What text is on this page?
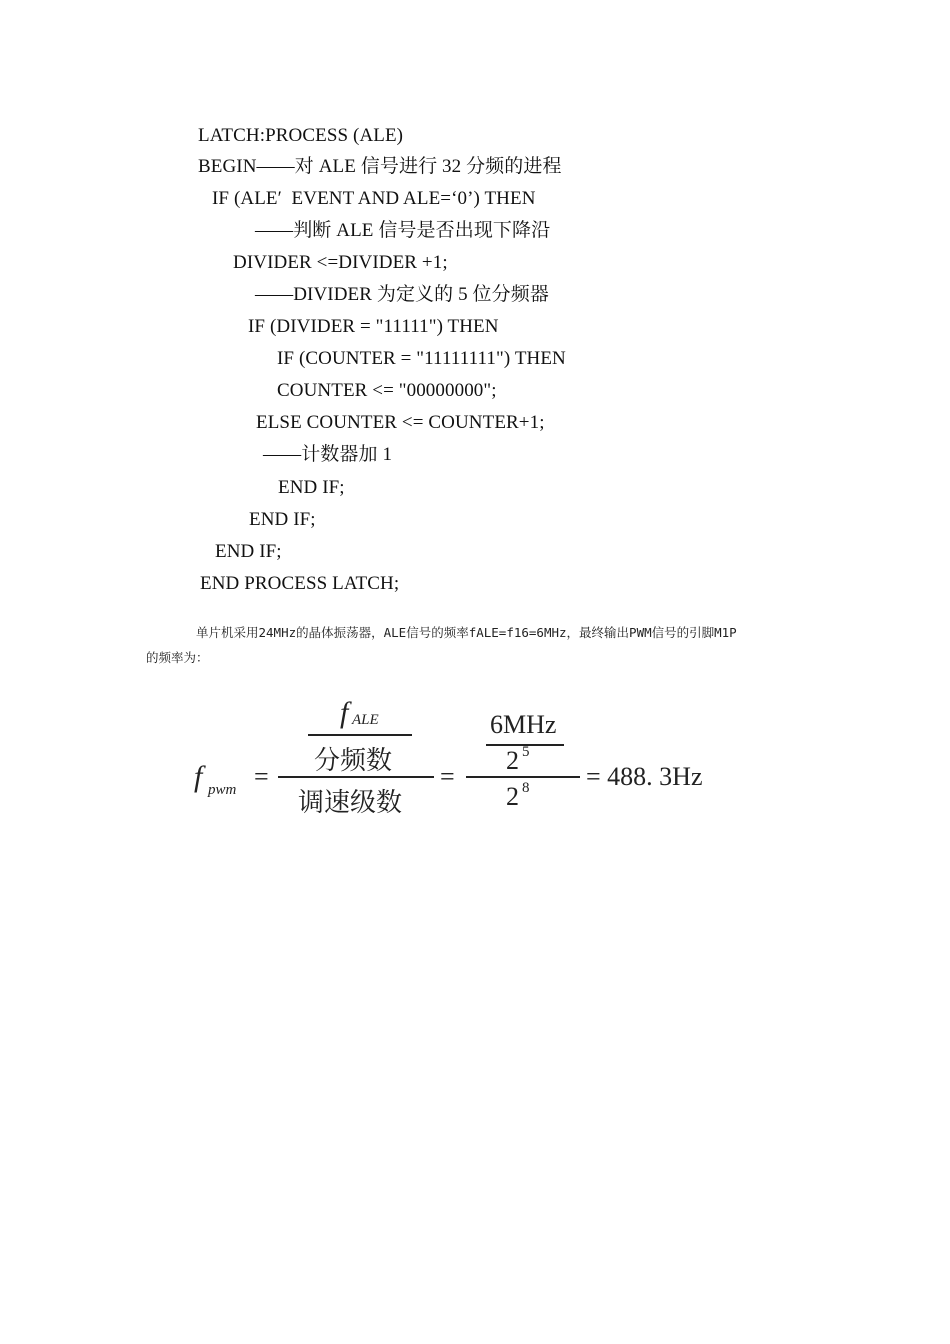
LATCH:PROCESS (ALE)
BEGIN——对 ALE 信号进行 32 分频的进程
IF (ALE′  EVENT AND ALE=‘0’) THEN
——判断 ALE 信号是否出现下降沿
DIVIDER <=DIVIDER +1;
——DIVIDER 为定义的 5 位分频器
IF (DIVIDER = "11111") THEN
IF (COUNTER = "11111111") THEN
COUNTER <= "00000000";
ELSE COUNTER <= COUNTER+1;
——计数器加 1
END IF;
END IF;
END IF;
END PROCESS LATCH;
单片机采用24MHz的晶体振荡器，ALE信号的频率fALE=f16=6MHz，最终输出PWM信号的引脚M1P
的频率为：
f pwm =
f ALE
分频数
调速级数
=
6MHz
2 5
2 8 = 488. 3Hz
